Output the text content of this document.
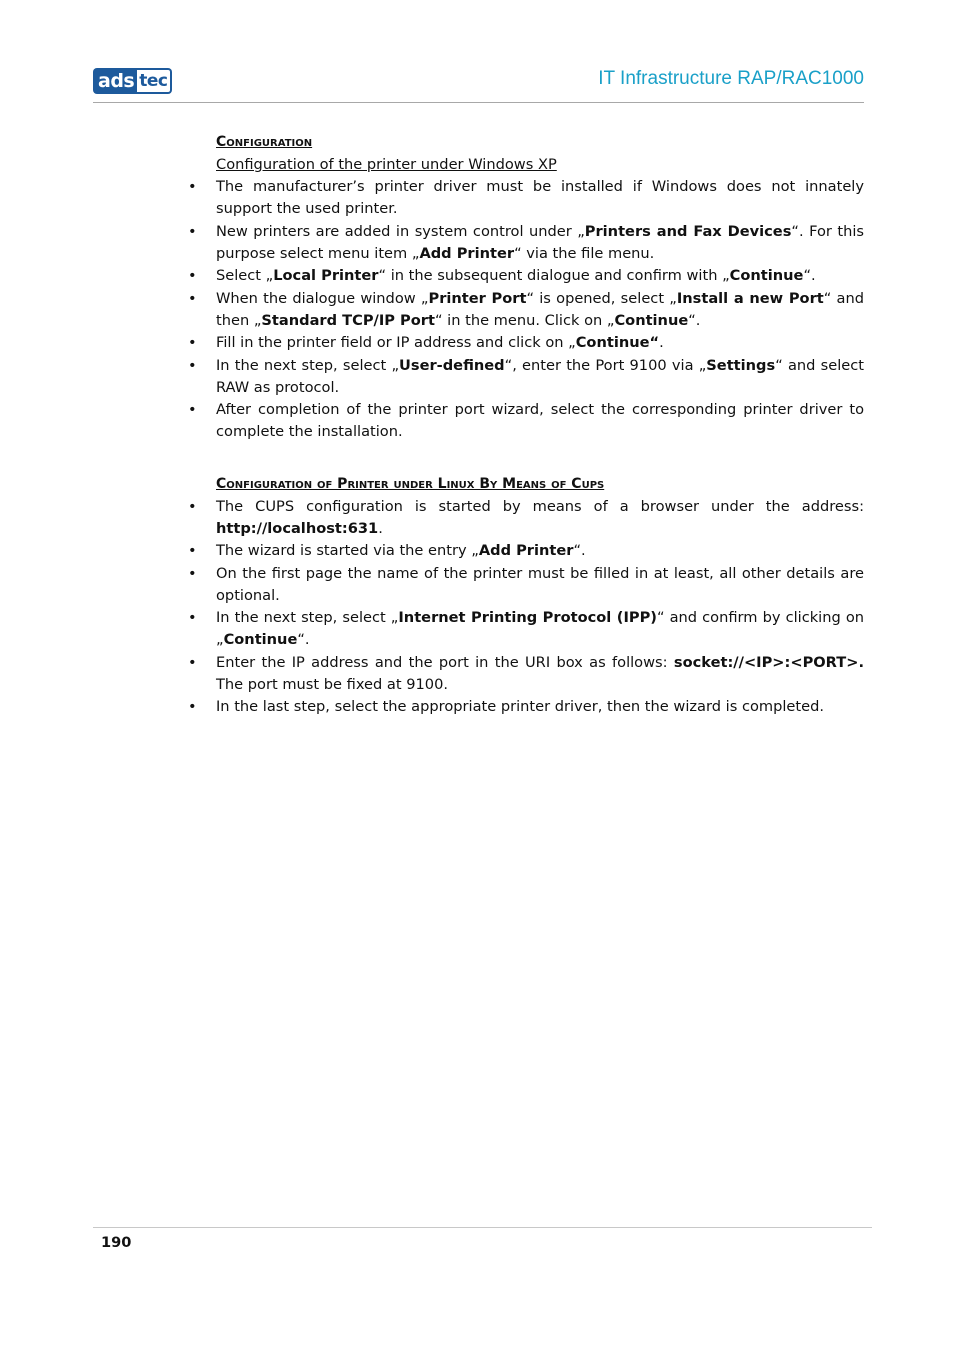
ads tec	IT Infrastructure RAP/RAC1000
Configuration
Configuration of the printer under Windows XP
• The manufacturer’s printer driver must be installed if Windows does not innately support the used printer.
• New printers are added in system control under „Printers and Fax Devices“. For this purpose select menu item „Add Printer“ via the file menu.
• Select „Local Printer“ in the subsequent dialogue and confirm with „Continue“.
• When the dialogue window „Printer Port“ is opened, select „Install a new Port“ and then „Standard TCP/IP Port“ in the menu. Click on „Continue“.
• Fill in the printer field or IP address and click on „Continue“.
• In the next step, select „User-defined“, enter the Port 9100 via „Settings“ and select RAW as protocol.
• After completion of the printer port wizard, select the corresponding printer driver to complete the installation.
Configuration of Printer under Linux By Means of Cups
• The CUPS configuration is started by means of a browser under the address: http://localhost:631.
• The wizard is started via the entry „Add Printer“.
• On the first page the name of the printer must be filled in at least, all other details are optional.
• In the next step, select „Internet Printing Protocol (IPP)“ and confirm by clicking on „Continue“.
• Enter the IP address and the port in the URI box as follows: socket://<IP>:<PORT>. The port must be fixed at 9100.
• In the last step, select the appropriate printer driver, then the wizard is completed.
190
